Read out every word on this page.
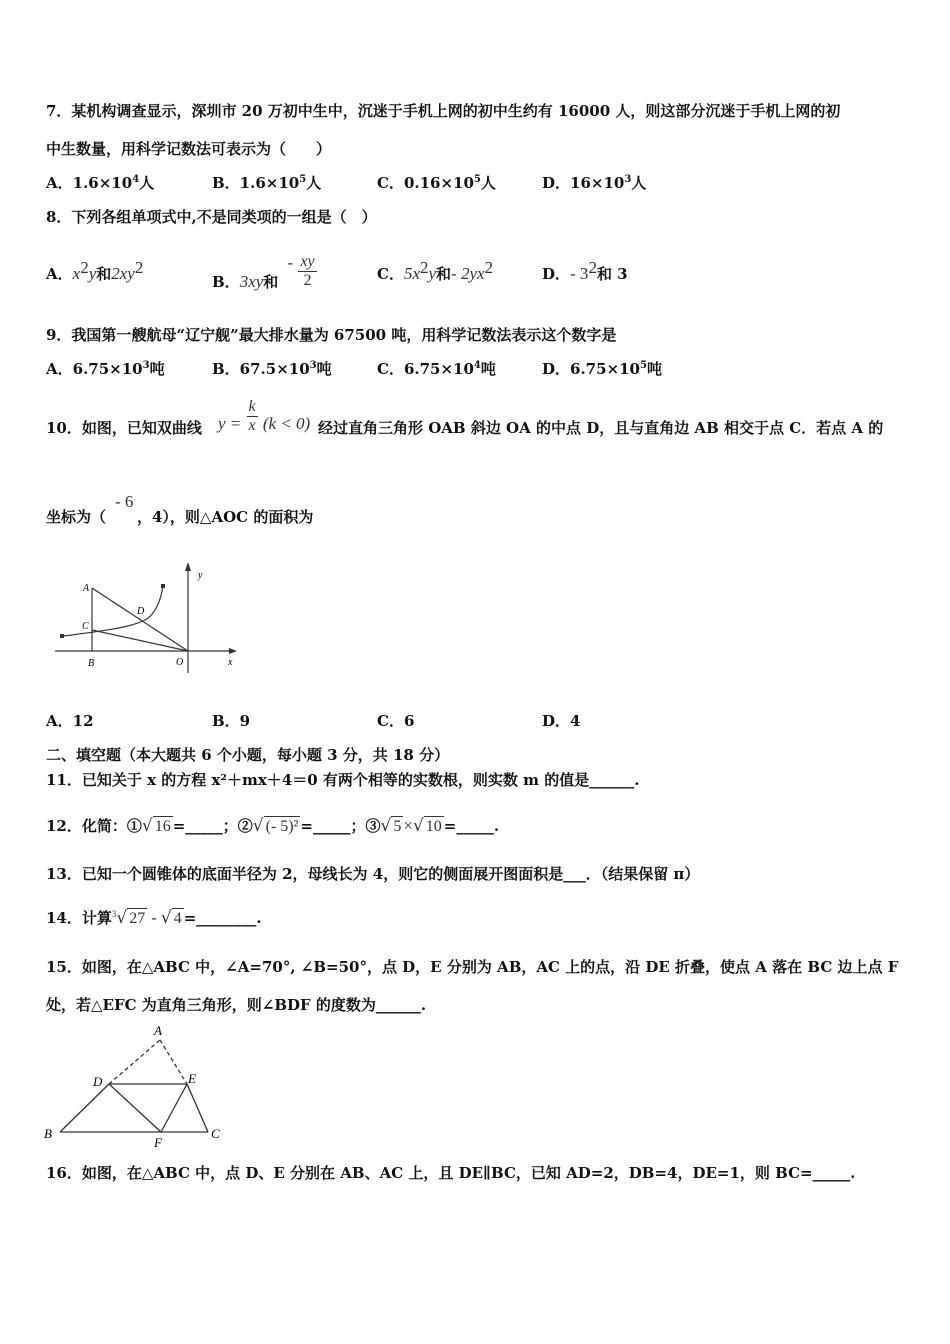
7．某机构调查显示，深圳市 20 万初中生中，沉迷于手机上网的初中生约有 16000 人，则这部分沉迷于手机上网的初
中生数量，用科学记数法可表示为（　　）
A．$1.6\times 10^4$人	B．$1.6\times 10^5$人	C．$0.16\times 10^5$人	D．$16\times 10^3$人
8．下列各组单项式中,不是同类项的一组是（　）
A．$x^2y$和$2xy^2$
B．3xy和 - $\frac{xy}{2}$	C．$5x^2y$和- $2yx^2$	D．- $3^2$和 3
9．我国第一艘航母“辽宁舰”最大排水量为 67500 吨，用科学记数法表示这个数字是
A．$6.75\times 10^3$吨	B．$67.5\times 10^3$吨	C．$6.75\times 10^4$吨	D．$6.75\times 10^5$吨
10．如图，已知双曲线 $y = \frac{k}{x} (k < 0)$ 经过直角三角形 OAB 斜边 OA 的中点 D，且与直角边 AB 相交于点 C．若点 A 的
坐标为（
- 6
，4），则△AOC 的面积为
A
B
C
D
O	x
y
A．12	B．9	C．6	D．4
二、填空题（本大题共 6 个小题，每小题 3 分，共 18 分）
11．已知关于 x 的方程 x²＋mx＋4＝0 有两个相等的实数根，则实数 m 的值是______.
12．化简：①√ 16 =_____；②√ (- 5)² =_____；③√ 5 ×√ 10 =_____.
13．已知一个圆锥体的底面半径为 2，母线长为 4，则它的侧面展开图面积是___．（结果保留 π）
14．计算$^3$√ 27 - √ 4 =________.
15．如图，在△ABC 中，∠A=70°, ∠B=50°，点 D，E 分别为 AB，AC 上的点，沿 DE 折叠，使点 A 落在 BC 边上点 F
处，若△EFC 为直角三角形，则∠BDF 的度数为______.
A
B	C
D	E
F
16．如图，在△ABC 中，点 D、E 分别在 AB、AC 上，且 DE∥BC，已知 AD=2，DB=4，DE=1，则 BC=_____.
